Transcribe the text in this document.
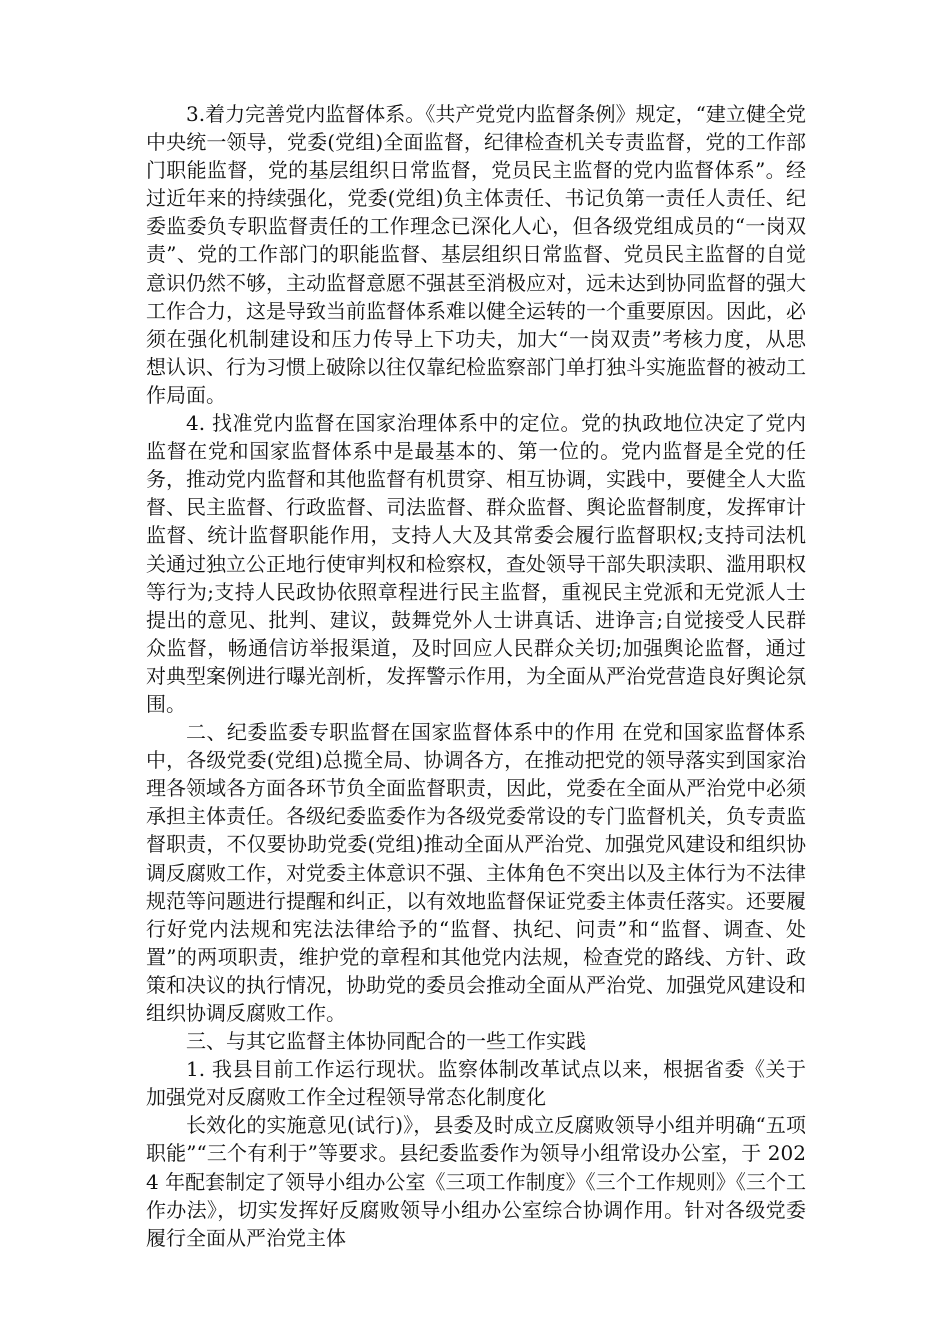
3.着力完善党内监督体系。《共产党党内监督条例》规定，“建立健全党中央统一领导，党委(党组)全面监督，纪律检查机关专责监督，党的工作部门职能监督，党的基层组织日常监督，党员民主监督的党内监督体系”。经过近年来的持续强化，党委(党组)负主体责任、书记负第一责任人责任、纪委监委负专职监督责任的工作理念已深化人心，但各级党组成员的“一岗双责”、党的工作部门的职能监督、基层组织日常监督、党员民主监督的自觉意识仍然不够，主动监督意愿不强甚至消极应对，远未达到协同监督的强大工作合力，这是导致当前监督体系难以健全运转的一个重要原因。因此，必须在强化机制建设和压力传导上下功夫，加大“一岗双责”考核力度，从思想认识、行为习惯上破除以往仅靠纪检监察部门单打独斗实施监督的被动工作局面。

4. 找准党内监督在国家治理体系中的定位。党的执政地位决定了党内监督在党和国家监督体系中是最基本的、第一位的。党内监督是全党的任务，推动党内监督和其他监督有机贯穿、相互协调，实践中，要健全人大监督、民主监督、行政监督、司法监督、群众监督、舆论监督制度，发挥审计监督、统计监督职能作用，支持人大及其常委会履行监督职权;支持司法机关通过独立公正地行使审判权和检察权，查处领导干部失职渎职、滥用职权等行为;支持人民政协依照章程进行民主监督，重视民主党派和无党派人士提出的意见、批判、建议，鼓舞党外人士讲真话、进诤言;自觉接受人民群众监督，畅通信访举报渠道，及时回应人民群众关切;加强舆论监督，通过对典型案例进行曝光剖析，发挥警示作用，为全面从严治党营造良好舆论氛围。

二、纪委监委专职监督在国家监督体系中的作用 在党和国家监督体系中，各级党委(党组)总揽全局、协调各方，在推动把党的领导落实到国家治理各领域各方面各环节负全面监督职责，因此，党委在全面从严治党中必须承担主体责任。各级纪委监委作为各级党委常设的专门监督机关，负专责监督职责，不仅要协助党委(党组)推动全面从严治党、加强党风建设和组织协调反腐败工作，对党委主体意识不强、主体角色不突出以及主体行为不法律规范等问题进行提醒和纠正，以有效地监督保证党委主体责任落实。还要履行好党内法规和宪法法律给予的“监督、执纪、问责”和“监督、调查、处置”的两项职责，维护党的章程和其他党内法规，检查党的路线、方针、政策和决议的执行情况，协助党的委员会推动全面从严治党、加强党风建设和组织协调反腐败工作。

三、与其它监督主体协同配合的一些工作实践

1. 我县目前工作运行现状。监察体制改革试点以来，根据省委《关于加强党对反腐败工作全过程领导常态化制度化

长效化的实施意见(试行)》，县委及时成立反腐败领导小组并明确“五项职能”“三个有利于”等要求。县纪委监委作为领导小组常设办公室，于 2024 年配套制定了领导小组办公室《三项工作制度》《三个工作规则》《三个工作办法》，切实发挥好反腐败领导小组办公室综合协调作用。针对各级党委履行全面从严治党主体
